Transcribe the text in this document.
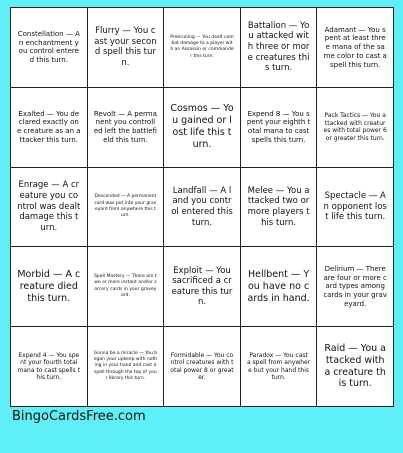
Constellation — An enchantment you control entered this turn.
Flurry — You cast your second spell this turn.
Preeruning — You dealt combat damage to a player with an Assassin or commander this turn.
Battalion — You attacked with three or more creatures this turn.
Adamant — You spent at least three mana of the same color to cast a spell this turn.
Exalted — You declared exactly one creature as an attacker this turn.
Revolt — A permanent you controlled left the battlefield this turn.
Cosmos — You gained or lost life this turn.
Expend 8 — You spent your eighth total mana to cast spells this turn.
Pack Tactics ― You attacked with creatures with total power 6 or greater this turn.
Enrage — A creature you control was dealt damage this turn.
Descended — A permanent card was put into your graveyard from anywhere this turn.
Landfall — A land you control entered this turn.
Melee — You attacked two or more players this turn.
Spectacle ― An opponent lost life this turn.
Morbid — A creature died this turn.
Spell Mastery — There are two or more instant and/or sorcery cards in your graveyard.
Exploit — You sacrificed a creature this turn.
Hellbent — You have no cards in hand.
Delirium — There are four or more card types among cards in your graveyard.
Expend 4 — You spent your fourth total mana to cast spells this turn.
Gonna be a miracle — You began your upkeep with nothing in your hand and cast a spell through the top of your library this turn.
Formidable — You control creatures with total power 8 or greater.
Paradox — You cast a spell from anywhere but your hand this turn.
Raid — You attacked with a creature this turn.
BingoCardsFree.com
